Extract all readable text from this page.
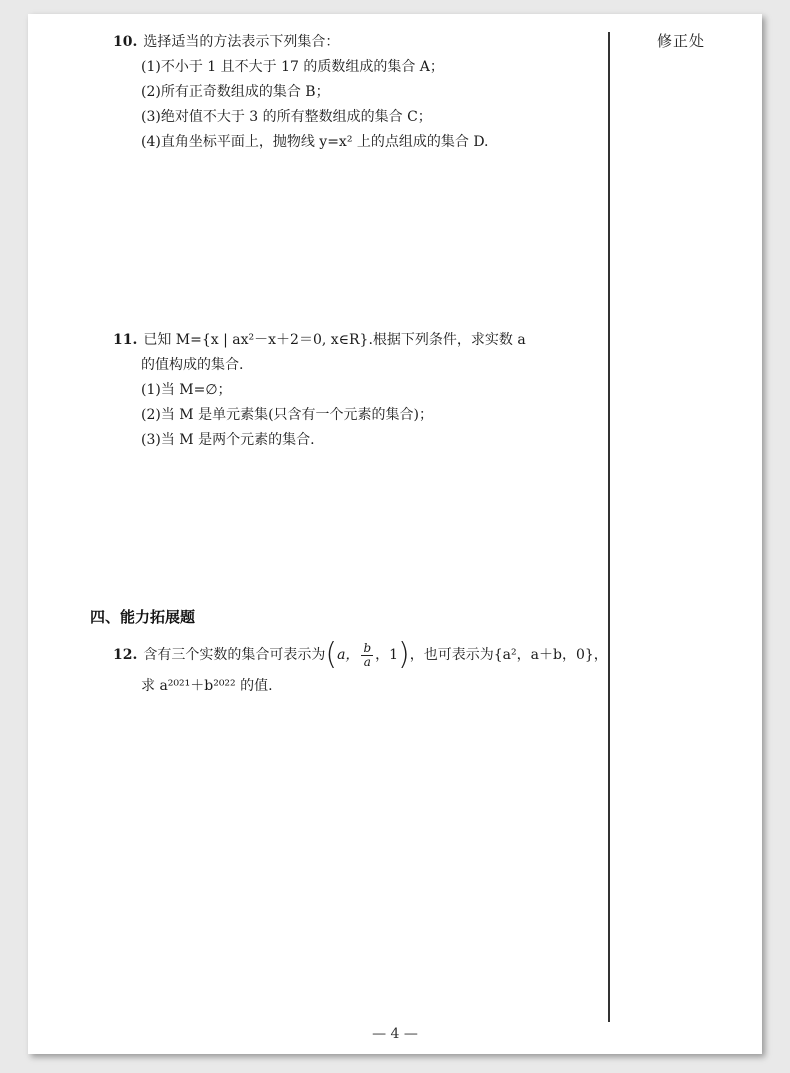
修正处
10. 选择适当的方法表示下列集合：
(1)不小于 1 且不大于 17 的质数组成的集合 A；
(2)所有正奇数组成的集合 B；
(3)绝对值不大于 3 的所有整数组成的集合 C；
(4)直角坐标平面上，抛物线 y=x² 上的点组成的集合 D.
11. 已知 M={x | ax²－x＋2＝0, x∈R}.根据下列条件，求实数 a
的值构成的集合.
(1)当 M=∅；
(2)当 M 是单元素集(只含有一个元素的集合)；
(3)当 M 是两个元素的集合.
四、能力拓展题
12. 含有三个实数的集合可表示为(a， $\frac{b}{a}$ ，1)，也可表示为{a²，a＋b，0}，
求 a²⁰²¹＋b²⁰²² 的值.
— 4 —
